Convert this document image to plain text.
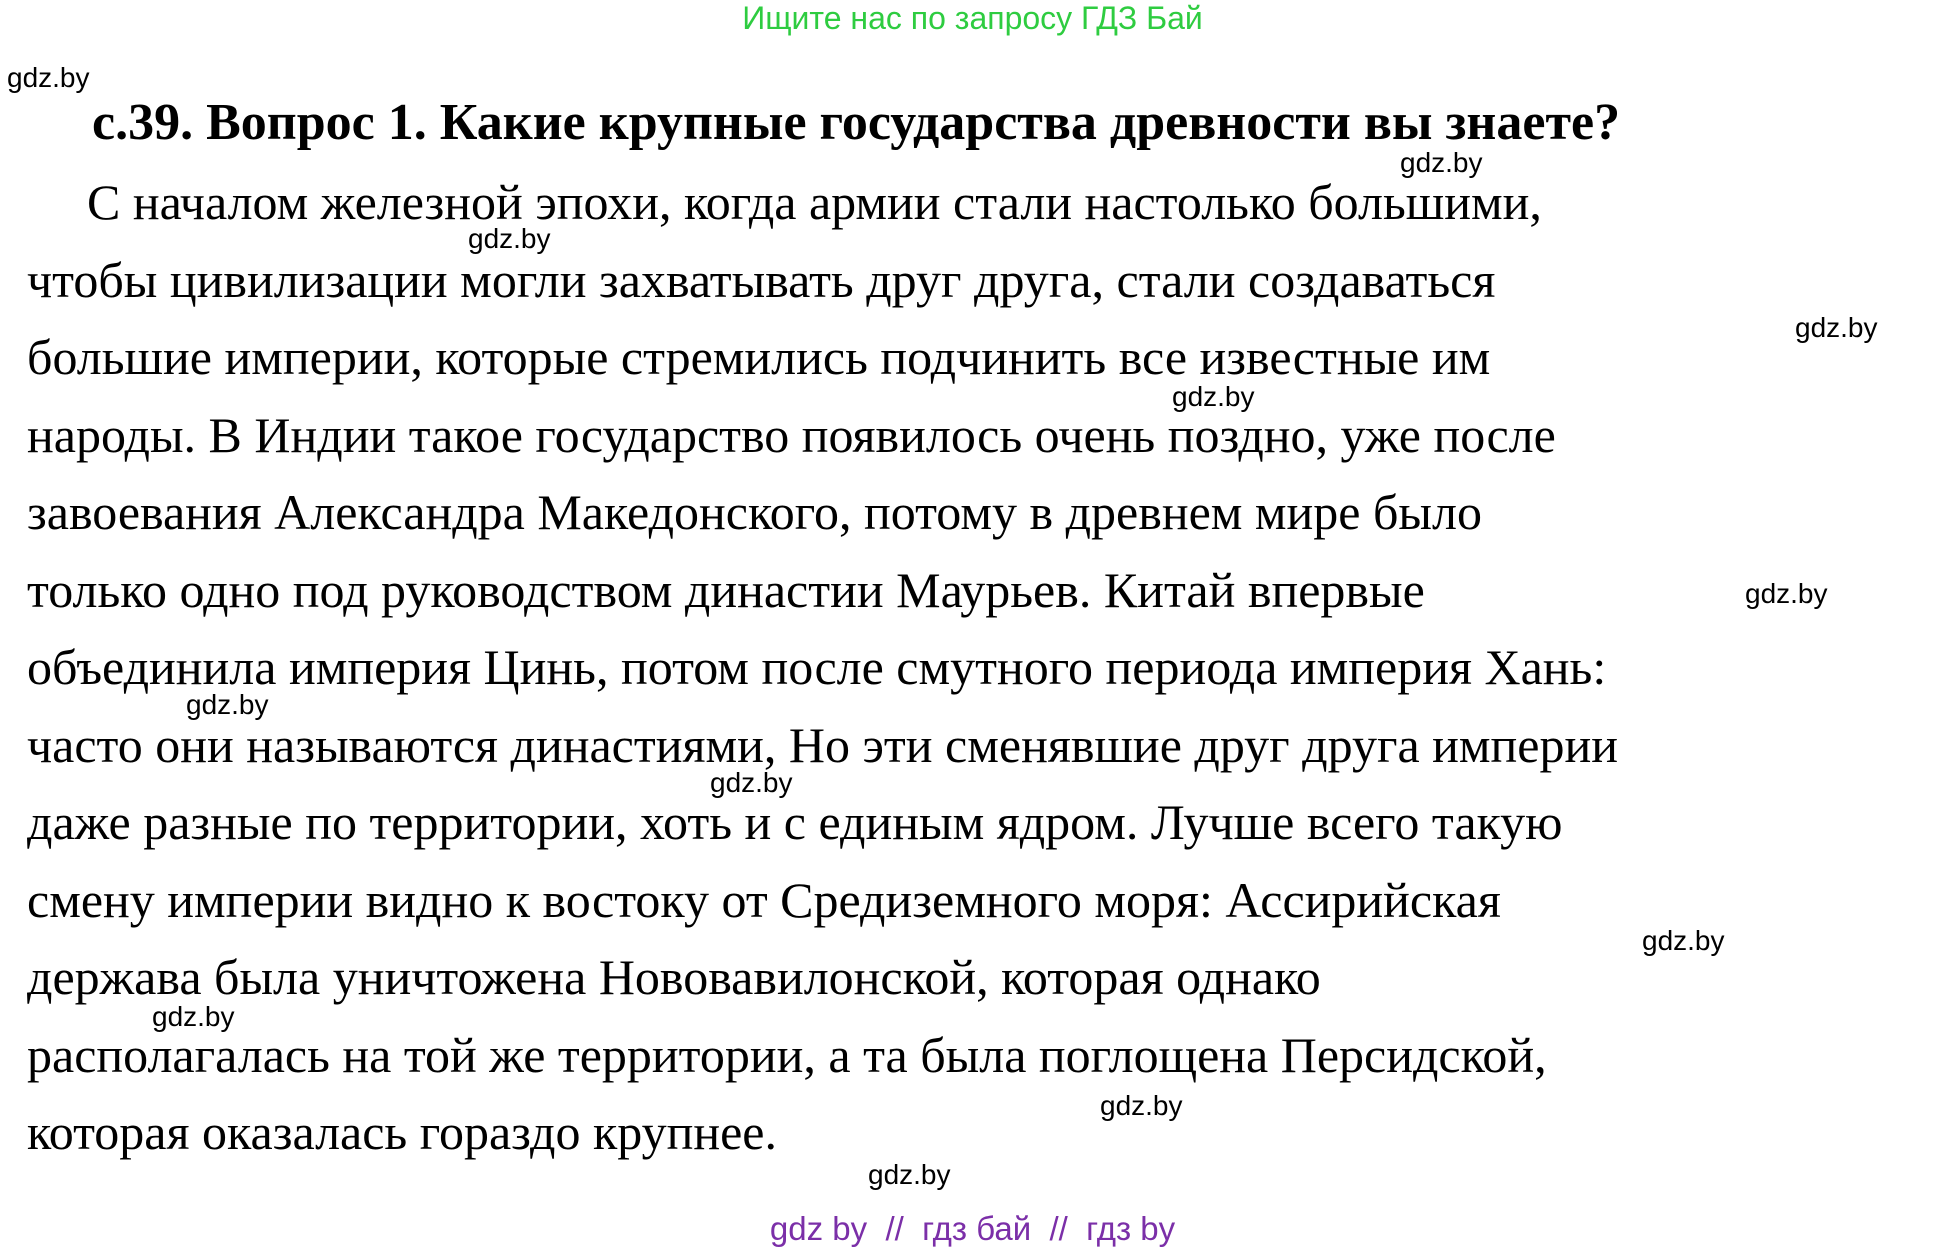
Ищите нас по запросу ГДЗ Бай
с.39. Вопрос 1. Какие крупные государства древности вы знаете?
С началом железной эпохи, когда армии стали настолько большими,
чтобы цивилизации могли захватывать друг друга, стали создаваться
большие империи, которые стремились подчинить все известные им
народы. В Индии такое государство появилось очень поздно, уже после
завоевания Александра Македонского, потому в древнем мире было
только одно под руководством династии Маурьев. Китай впервые
объединила империя Цинь, потом после смутного периода империя Хань:
часто они называются династиями, Но эти сменявшие друг друга империи
даже разные по территории, хоть и с единым ядром. Лучше всего такую
смену империи видно к востоку от Средиземного моря: Ассирийская
держава была уничтожена Нововавилонской, которая однако
располагалась на той же территории, а та была поглощена Персидской,
которая оказалась гораздо крупнее.
gdz.by
gdz.by
gdz.by
gdz.by
gdz.by
gdz.by
gdz.by
gdz.by
gdz.by
gdz.by
gdz.by
gdz.by
gdz by  //  гдз бай  //  гдз by
